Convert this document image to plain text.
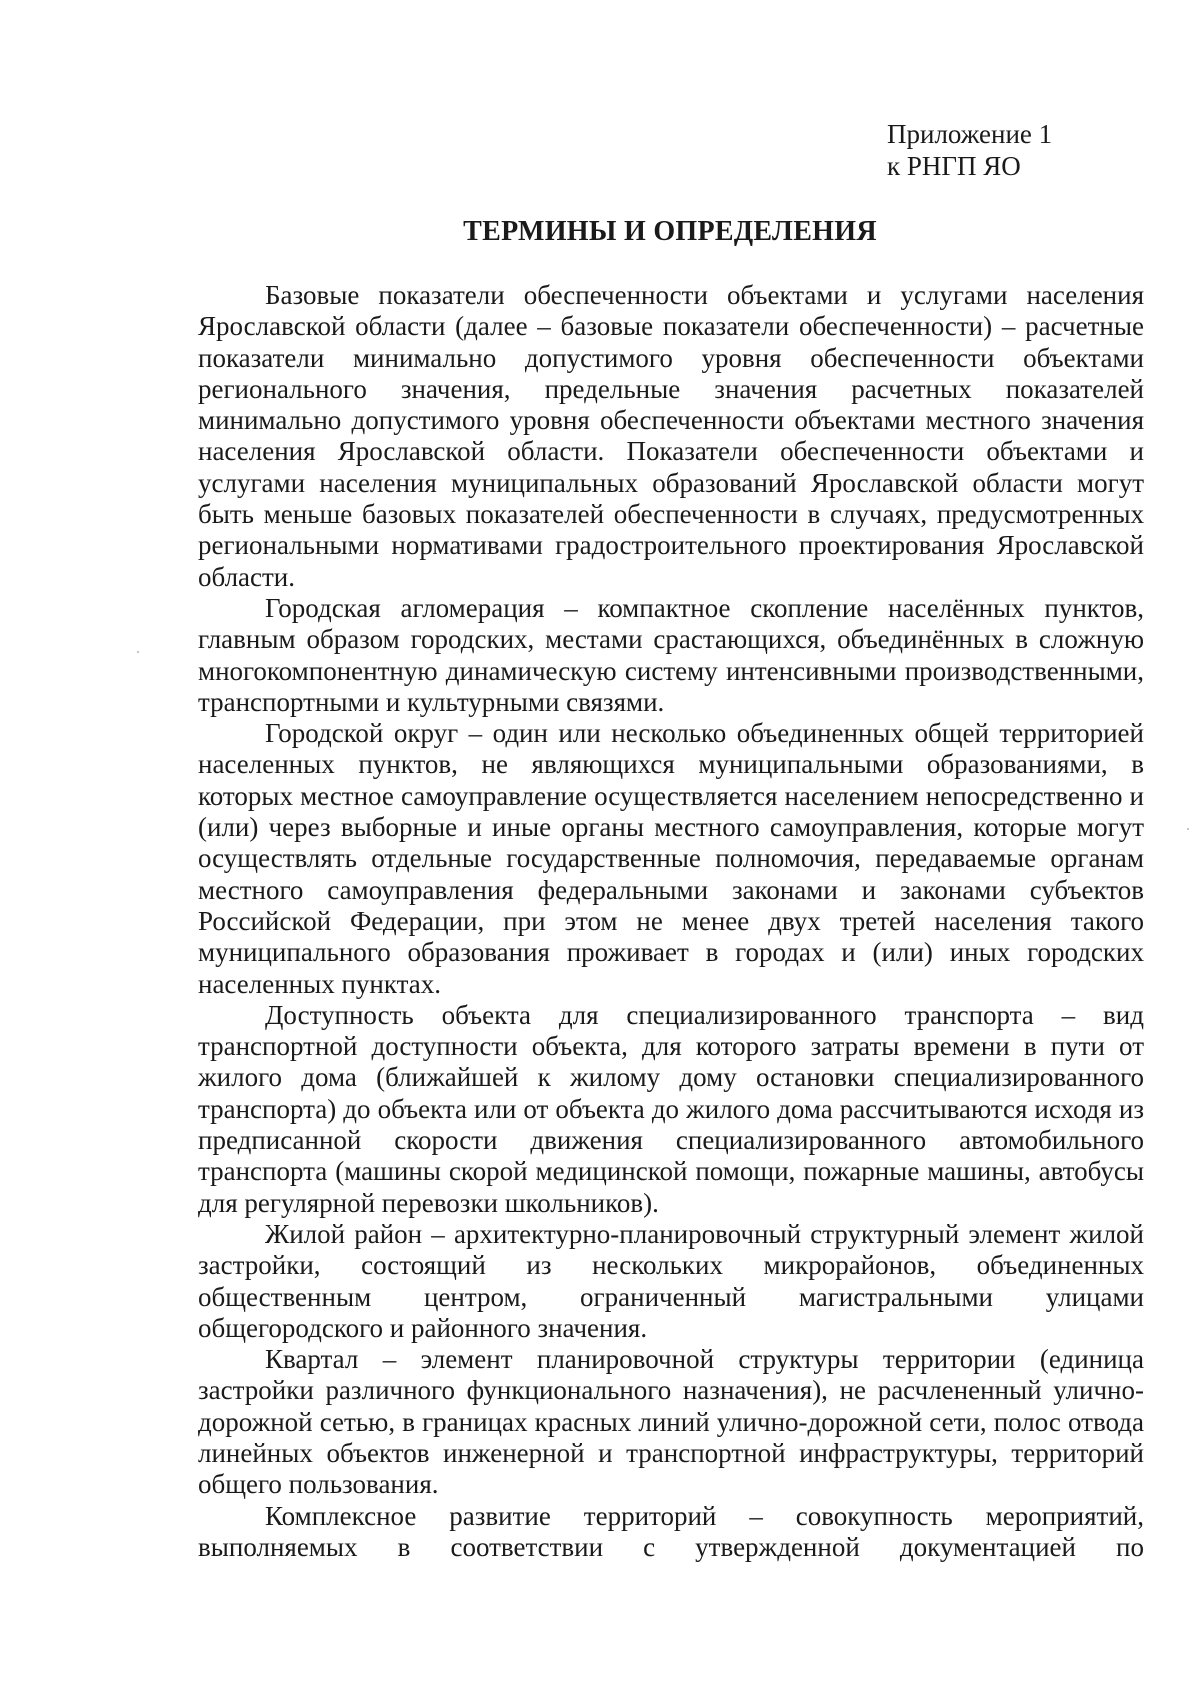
Приложение 1
к РНГП ЯО
ТЕРМИНЫ И ОПРЕДЕЛЕНИЯ

Базовые показатели обеспеченности объектами и услугами населения Ярославской области (далее – базовые показатели обеспеченности) – расчетные показатели минимально допустимого уровня обеспеченности объектами регионального значения, предельные значения расчетных показателей минимально допустимого уровня обеспеченности объектами местного значения населения Ярославской области. Показатели обеспеченности объектами и услугами населения муниципальных образований Ярославской области могут быть меньше базовых показателей обеспеченности в случаях, предусмотренных региональными нормативами градостроительного проектирования Ярославской области.

Городская агломерация – компактное скопление населённых пунктов, главным образом городских, местами срастающихся, объединённых в сложную многокомпонентную динамическую систему интенсивными производственными, транспортными и культурными связями.

Городской округ – один или несколько объединенных общей территорией населенных пунктов, не являющихся муниципальными образованиями, в которых местное самоуправление осуществляется населением непосредственно и (или) через выборные и иные органы местного самоуправления, которые могут осуществлять отдельные государственные полномочия, передаваемые органам местного самоуправления федеральными законами и законами субъектов Российской Федерации, при этом не менее двух третей населения такого муниципального образования проживает в городах и (или) иных городских населенных пунктах.

Доступность объекта для специализированного транспорта – вид транспортной доступности объекта, для которого затраты времени в пути от жилого дома (ближайшей к жилому дому остановки специализированного транспорта) до объекта или от объекта до жилого дома рассчитываются исходя из предписанной скорости движения специализированного автомобильного транспорта (машины скорой медицинской помощи, пожарные машины, автобусы для регулярной перевозки школьников).

Жилой район – архитектурно-планировочный структурный элемент жилой застройки, состоящий из нескольких микрорайонов, объединенных общественным центром, ограниченный магистральными улицами общегородского и районного значения.

Квартал – элемент планировочной структуры территории (единица застройки различного функционального назначения), не расчлененный улично-дорожной сетью, в границах красных линий улично-дорожной сети, полос отвода линейных объектов инженерной и транспортной инфраструктуры, территорий общего пользования.

Комплексное развитие территорий – совокупность мероприятий, выполняемых в соответствии с утвержденной документацией по
